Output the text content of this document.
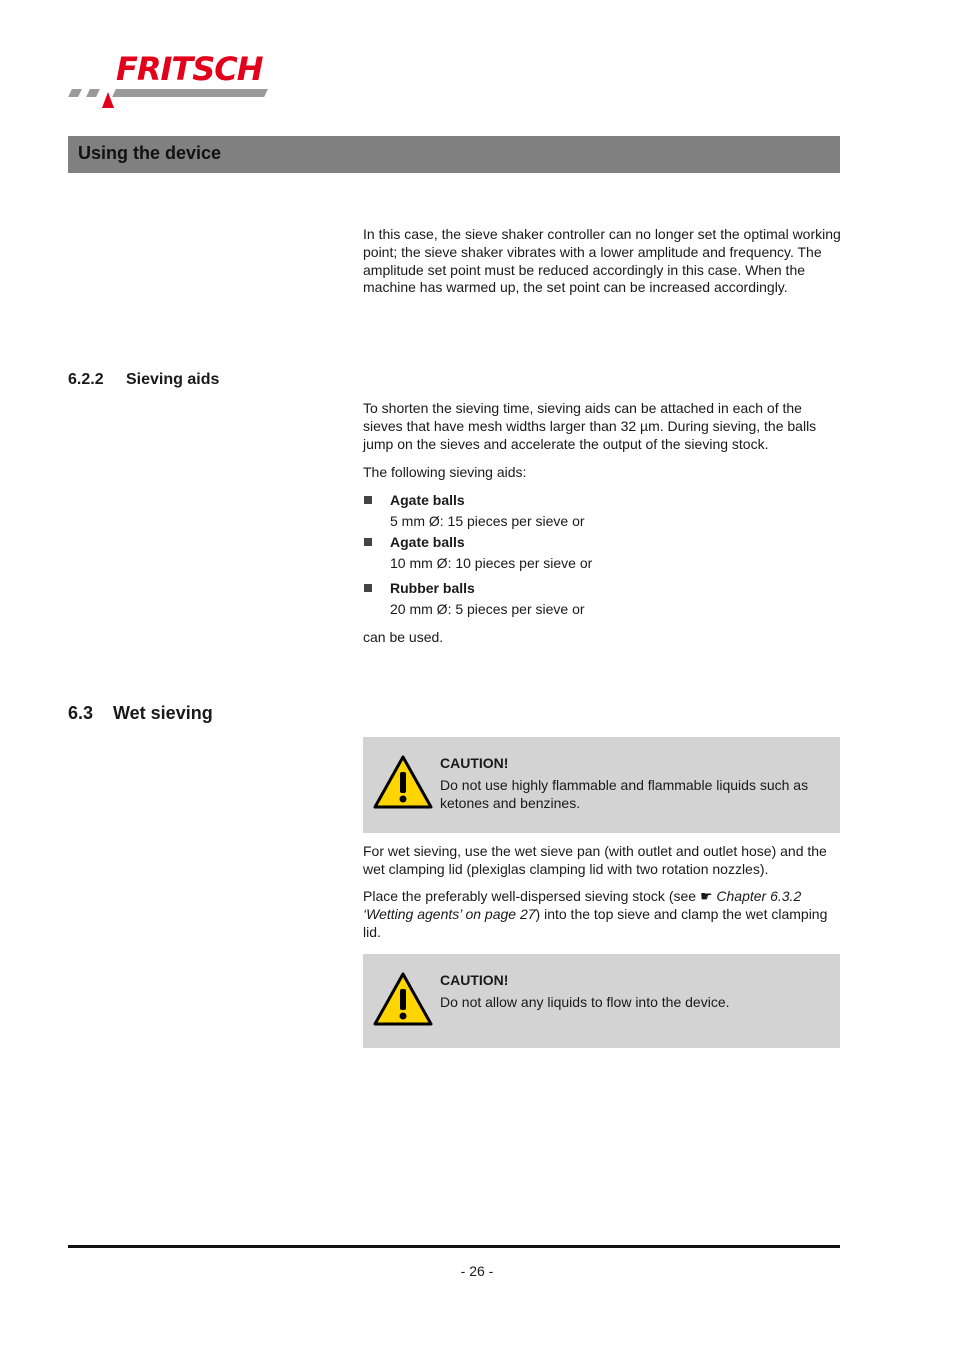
FRITSCH
Using the device

In this case, the sieve shaker controller can no longer set the optimal working point; the sieve shaker vibrates with a lower amplitude and frequency. The amplitude set point must be reduced accordingly in this case. When the machine has warmed up, the set point can be increased accordingly.

6.2.2 Sieving aids

To shorten the sieving time, sieving aids can be attached in each of the sieves that have mesh widths larger than 32 µm. During sieving, the balls jump on the sieves and accelerate the output of the sieving stock.

The following sieving aids:

Agate balls
5 mm Ø: 15 pieces per sieve or
Agate balls
10 mm Ø: 10 pieces per sieve or
Rubber balls
20 mm Ø: 5 pieces per sieve or

can be used.

6.3 Wet sieving
CAUTION!
Do not use highly flammable and flammable liquids such as ketones and benzines.

For wet sieving, use the wet sieve pan (with outlet and outlet hose) and the wet clamping lid (plexiglas clamping lid with two rotation nozzles).

Place the preferably well-dispersed sieving stock (see ☛ Chapter 6.3.2 ‘Wetting agents’ on page 27) into the top sieve and clamp the wet clamping lid.

CAUTION!
Do not allow any liquids to flow into the device.
- 26 -
